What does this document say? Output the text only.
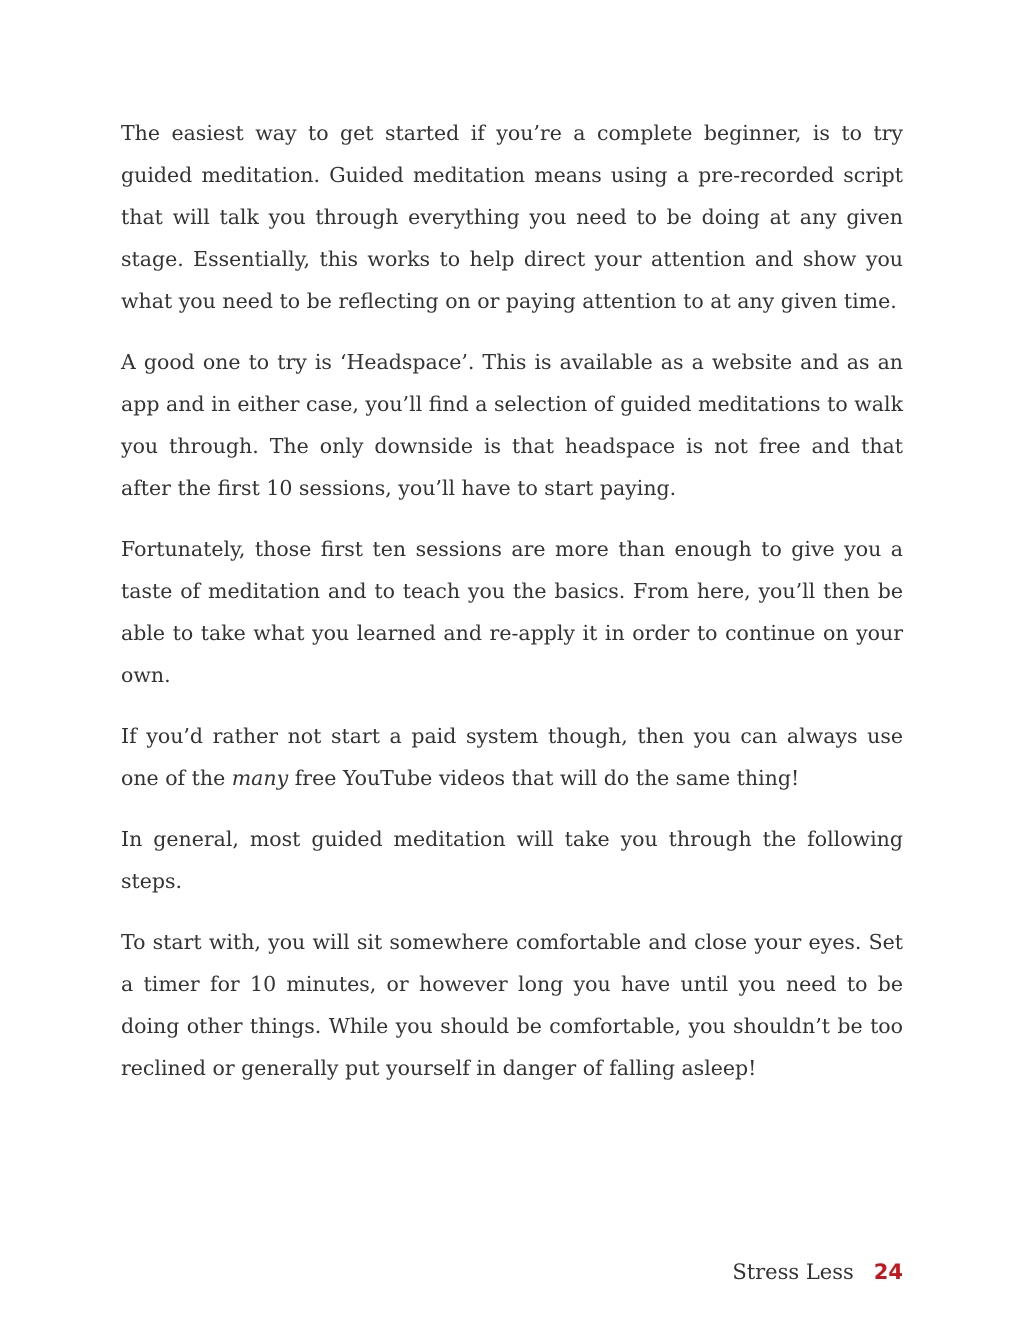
The easiest way to get started if you’re a complete beginner, is to try guided meditation. Guided meditation means using a pre-recorded script that will talk you through everything you need to be doing at any given stage. Essentially, this works to help direct your attention and show you what you need to be reflecting on or paying attention to at any given time.

A good one to try is ‘Headspace’. This is available as a website and as an app and in either case, you’ll find a selection of guided meditations to walk you through. The only downside is that headspace is not free and that after the first 10 sessions, you’ll have to start paying.

Fortunately, those first ten sessions are more than enough to give you a taste of meditation and to teach you the basics. From here, you’ll then be able to take what you learned and re-apply it in order to continue on your own.

If you’d rather not start a paid system though, then you can always use one of the many free YouTube videos that will do the same thing!

In general, most guided meditation will take you through the following steps.

To start with, you will sit somewhere comfortable and close your eyes. Set a timer for 10 minutes, or however long you have until you need to be doing other things. While you should be comfortable, you shouldn’t be too reclined or generally put yourself in danger of falling asleep!

Stress Less 24
